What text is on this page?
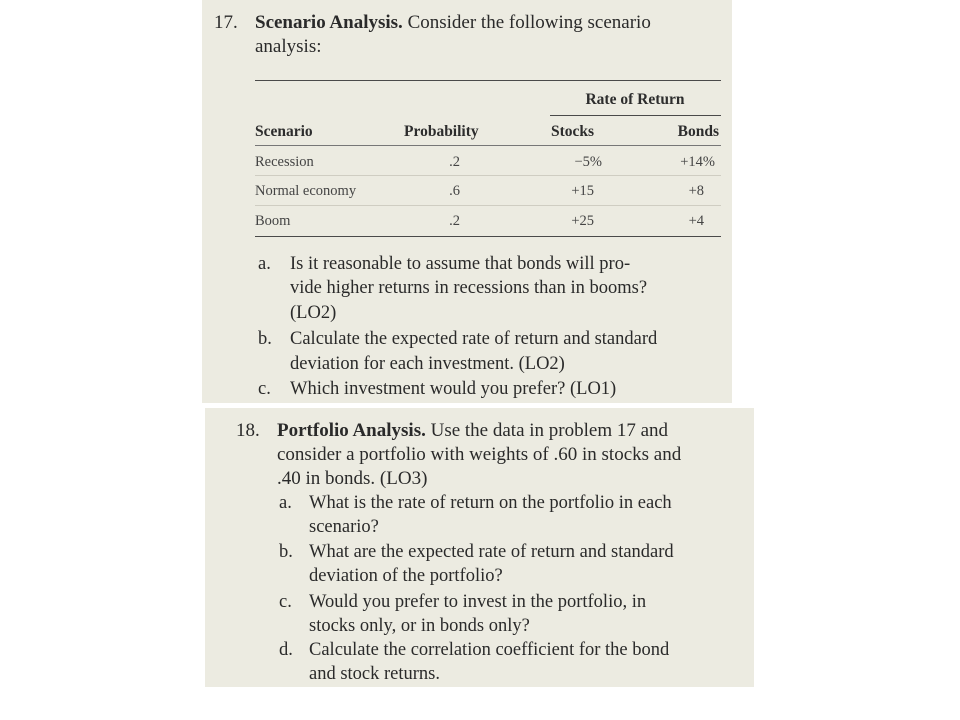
17. Scenario Analysis. Consider the following scenario
analysis:
Rate of Return
Scenario	Probability	Stocks	Bonds
Recession	.2	−5%	+14%
Normal economy	.6	+15	+8
Boom	.2	+25	+4
a. Is it reasonable to assume that bonds will pro-
vide higher returns in recessions than in booms?
(LO2)
b. Calculate the expected rate of return and standard
deviation for each investment. (LO2)
c. Which investment would you prefer? (LO1)
18. Portfolio Analysis. Use the data in problem 17 and
consider a portfolio with weights of .60 in stocks and
.40 in bonds. (LO3)
a. What is the rate of return on the portfolio in each
scenario?
b. What are the expected rate of return and standard
deviation of the portfolio?
c. Would you prefer to invest in the portfolio, in
stocks only, or in bonds only?
d. Calculate the correlation coefficient for the bond
and stock returns.
